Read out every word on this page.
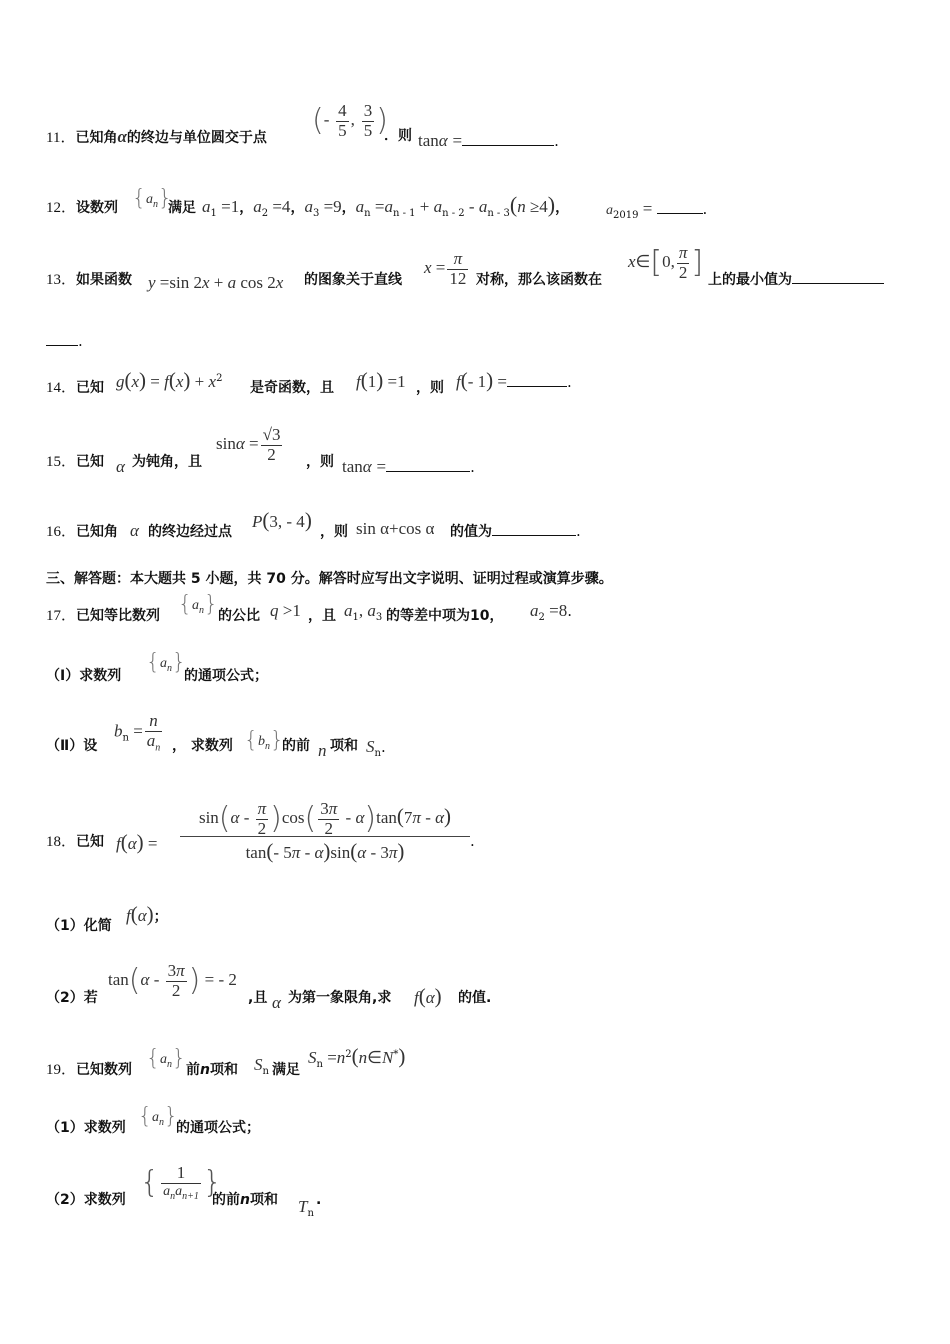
11．已知角α的终边与单位圆交于点 (- $\frac{4}{5}$ , $\frac{3}{5}$ )
．则 tanα =	.
12．设数列 $\{a_n\}$
满足 $a_1 =1$，$a_2 =4$，$a_3 =9$，$a_n =a_{n - 1} + a_{n - 2} - a_{n - 3}(n \ge 4)$，	$a_{2019}$ =	.
13．如果函数 y =sin 2x + a cos 2x 的图象关于直线
$x = \frac{\pi}{12}$ 对称，那么该函数在
x∈[0, $\frac{\pi}{2}$ ] 上的最小值为
.
14．已知 $g(x) = f(x) + x^2$
是奇函数，且 f(1) =1 ，则 f(- 1) =	.
15．已知 α 为钝角，且
$\sin\alpha = \frac{√3}{2}$ ，则 tanα =	.
16．已知角 α 的终边经过点
P(3, - 4) ，则 sin α+cos α 的值为	.
三、解答题：本大题共 5 小题，共 70 分。解答时应写出文字说明、证明过程或演算步骤。
17．已知等比数列 $\{a_n\}$ 的公比 q >1 ，且 $a_1$, $a_3$ 的等差中项为10， $a_2 =8$.
（Ⅰ）求数列
$\{a_n\}$
的通项公式；
（Ⅱ）设
$b_n = \frac{n}{a_n}$ ， 求数列 $\{b_n\}$
的前 n 项和 $S_n$.
18．已知 f(α) =
$\sin(\alpha - \frac{\pi}{2} )\cos( \frac{3\pi}{2} - \alpha)\tan(7\pi - \alpha)$
tan(- 5π - α)sin(α - 3π)	.
（1）化简
f(α)；
（2）若
$\tan(\alpha - \frac{3\pi}{2}$ ) = - 2
,且 α 为第一象限角,求 f(α) 的值.
19．已知数列 $\{a_n\}$ 前n项和 $S_n$ 满足
$S_n$ $=n^2(n\in N^*)$
（1）求数列 $\{a_n\}$
的通项公式；
（2）求数列
{ $\frac{1}{a_na_{n+1}}$ }
的前n项和 $T_n$
.
